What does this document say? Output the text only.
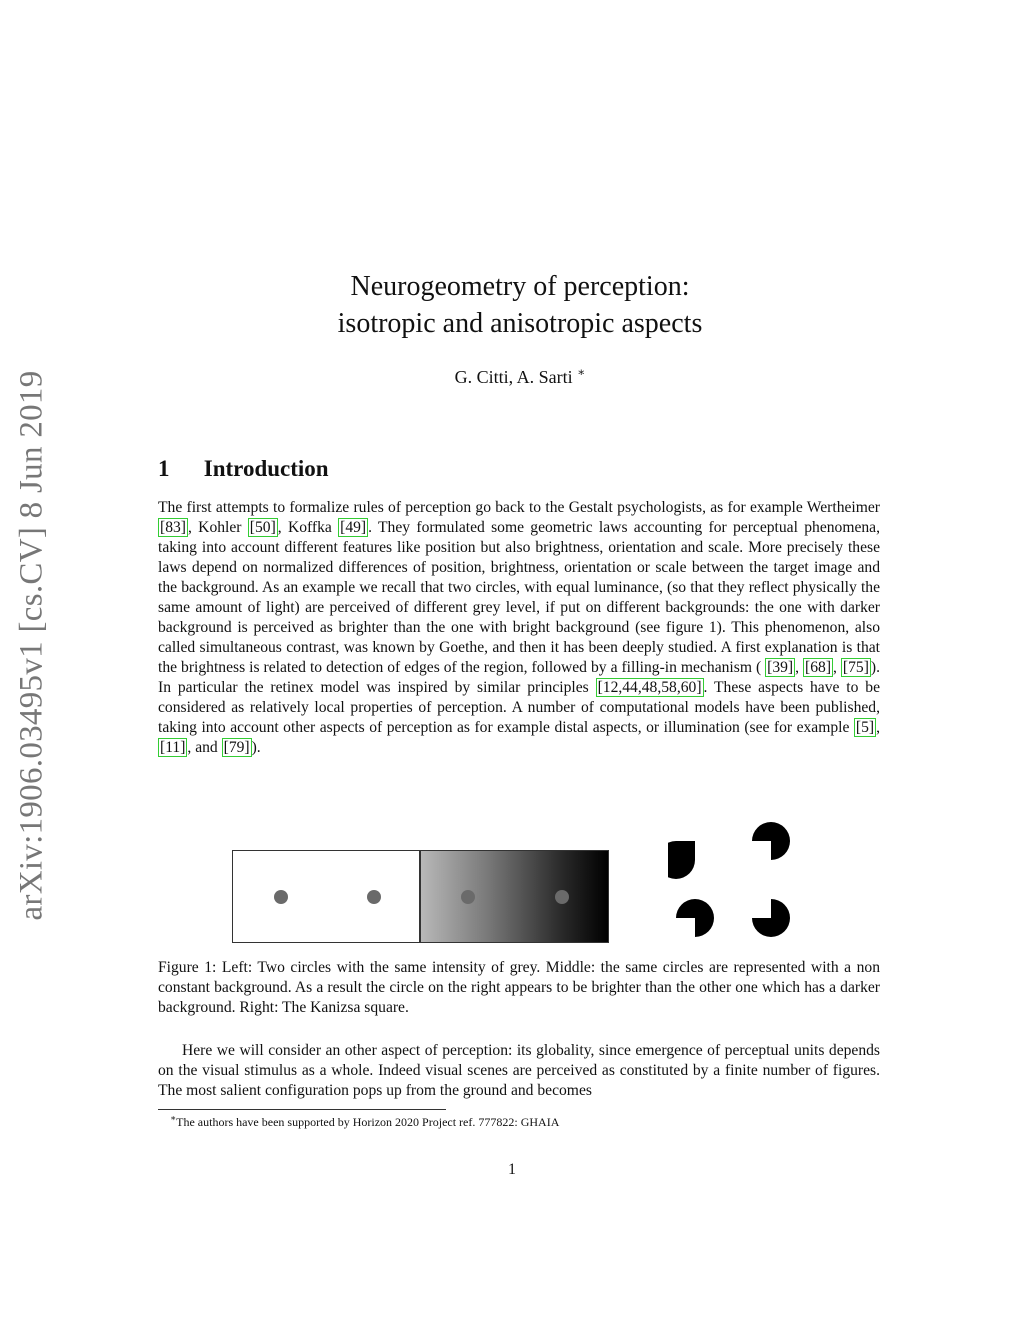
arXiv:1906.03495v1 [cs.CV] 8 Jun 2019
Neurogeometry of perception:
isotropic and anisotropic aspects
G. Citti, A. Sarti ∗
1 Introduction

The first attempts to formalize rules of perception go back to the Gestalt psychologists, as for example Wertheimer [83] , Kohler [50] , Koffka [49] . They formulated some geometric laws accounting for perceptual phenomena, taking into account different features like position but also brightness, orientation and scale. More precisely these laws depend on normalized differences of position, brightness, orientation or scale between the target image and the background. As an example we recall that two circles, with equal luminance, (so that they reflect physically the same amount of light) are perceived of different grey level, if put on different backgrounds: the one with darker background is perceived as brighter than the one with bright background (see figure 1). This phenomenon, also called simultaneous contrast, was known by Goethe, and then it has been deeply studied. A first explanation is that the brightness is related to detection of edges of the region, followed by a filling-in mechanism ( [39] , [68] , [75] ). In particular the retinex model was inspired by similar principles [12,44,48,58,60] . These aspects have to be considered as relatively local properties of perception. A number of computational models have been published, taking into account other aspects of perception as for example distal aspects, or illumination (see for example [5] , [11] , and [79] ).

Figure 1: Left: Two circles with the same intensity of grey. Middle: the same circles are represented with a non constant background. As a result the circle on the right appears to be brighter than the other one which has a darker background. Right: The Kanizsa square.

Here we will consider an other aspect of perception: its globality, since emergence of perceptual units depends on the visual stimulus as a whole. Indeed visual scenes are perceived as constituted by a finite number of figures. The most salient configuration pops up from the ground and becomes

∗The authors have been supported by Horizon 2020 Project ref. 777822: GHAIA
1
